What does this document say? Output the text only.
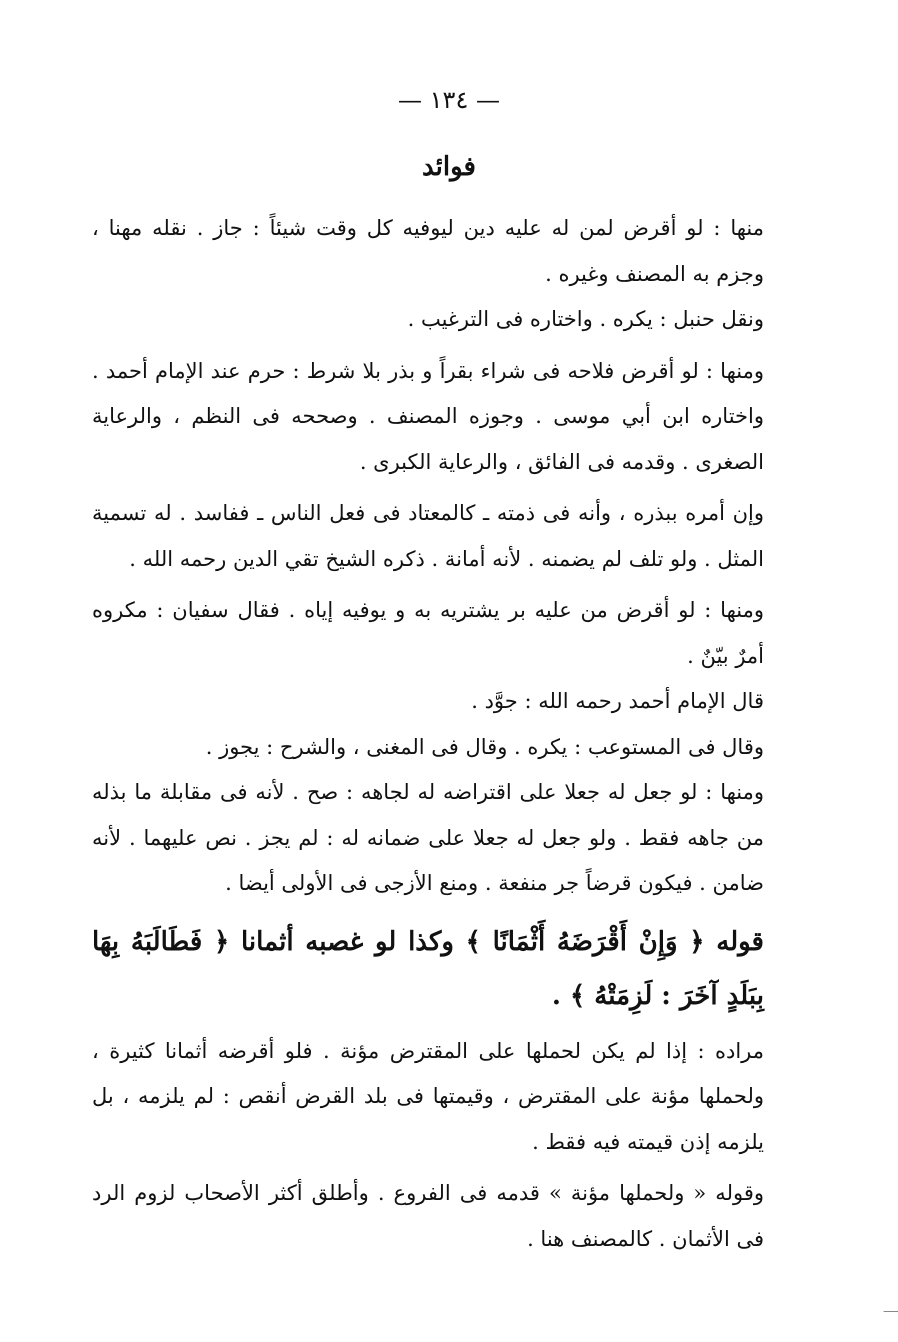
— ١٣٤ —
فوائد

منها : لو أقرض لمن له عليه دين ليوفيه كل وقت شيئاً : جاز . نقله مهنا ، وجزم به المصنف وغيره .

ونقل حنبل : يكره . واختاره فى الترغيب .

ومنها : لو أقرض فلاحه فى شراء بقراً و بذر بلا شرط : حرم عند الإمام أحمد . واختاره ابن أبي موسى . وجوزه المصنف . وصححه فى النظم ، والرعاية الصغرى . وقدمه فى الفائق ، والرعاية الكبرى .

وإن أمره ببذره ، وأنه فى ذمته ـ كالمعتاد فى فعل الناس ـ ففاسد . له تسمية المثل . ولو تلف لم يضمنه . لأنه أمانة . ذكره الشيخ تقي الدين رحمه الله .

ومنها : لو أقرض من عليه بر يشتريه به و يوفيه إياه . فقال سفيان : مكروه أمرٌ بيّنٌ .

قال الإمام أحمد رحمه الله : جوَّد .

وقال فى المستوعب : يكره . وقال فى المغنى ، والشرح : يجوز .

ومنها : لو جعل له جعلا على اقتراضه له لجاهه : صح . لأنه فى مقابلة ما بذله من جاهه فقط . ولو جعل له جعلا على ضمانه له : لم يجز . نص عليهما . لأنه ضامن . فيكون قرضاً جر منفعة . ومنع الأزجى فى الأولى أيضا .

قوله ﴿ وَإِنْ أَقْرَضَهُ أَثْمَانًا ﴾ وكذا لو غصبه أثمانا ﴿ فَطَالَبَهُ بِهَا بِبَلَدٍ آخَرَ : لَزِمَتْهُ ﴾ .

مراده : إذا لم يكن لحملها على المقترض مؤنة . فلو أقرضه أثمانا كثيرة ، ولحملها مؤنة على المقترض ، وقيمتها فى بلد القرض أنقص : لم يلزمه ، بل يلزمه إذن قيمته فيه فقط .

وقوله « ولحملها مؤنة » قدمه فى الفروع . وأطلق أكثر الأصحاب لزوم الرد فى الأثمان . كالمصنف هنا .
